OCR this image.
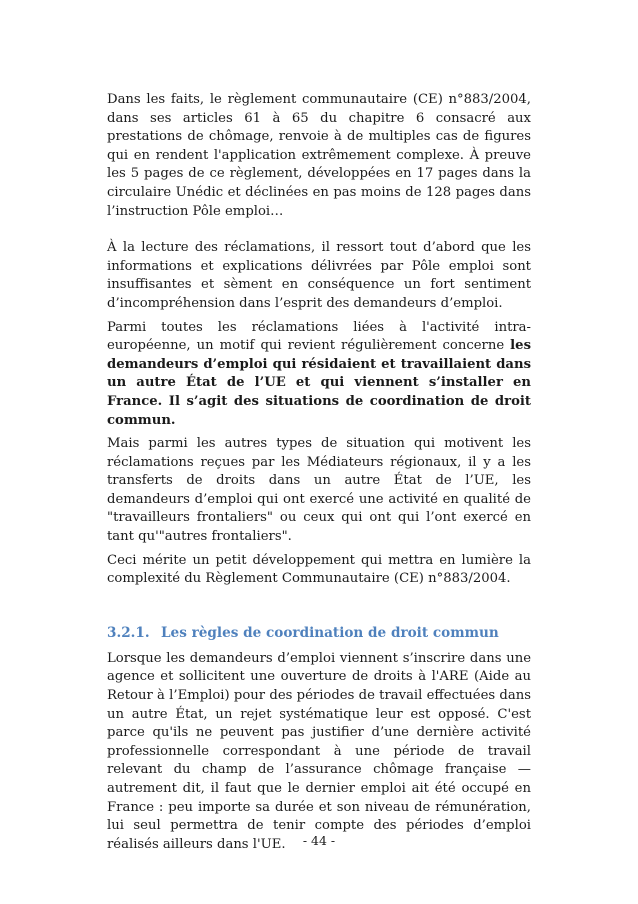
Dans les faits, le règlement communautaire (CE) n°883/2004, dans ses articles 61 à 65 du chapitre 6 consacré aux prestations de chômage, renvoie à de multiples cas de figures qui en rendent l'application extrêmement complexe. À preuve les 5 pages de ce règlement, développées en 17 pages dans la circulaire Unédic et déclinées en pas moins de 128 pages dans l’instruction Pôle emploi…

À la lecture des réclamations, il ressort tout d’abord que les informations et explications délivrées par Pôle emploi sont insuffisantes et sèment en conséquence un fort sentiment d’incompréhension dans l’esprit des demandeurs d’emploi.

Parmi toutes les réclamations liées à l'activité intra-européenne, un motif qui revient régulièrement concerne les demandeurs d’emploi qui résidaient et travaillaient dans un autre État de l’UE et qui viennent s’installer en France. Il s’agit des situations de coordination de droit commun.

Mais parmi les autres types de situation qui motivent les réclamations reçues par les Médiateurs régionaux, il y a les transferts de droits dans un autre État de l’UE, les demandeurs d’emploi qui ont exercé une activité en qualité de "travailleurs frontaliers" ou ceux qui ont qui l’ont exercé en tant qu'"autres frontaliers".

Ceci mérite un petit développement qui mettra en lumière la complexité du Règlement Communautaire (CE) n°883/2004.

3.2.1. Les règles de coordination de droit commun

Lorsque les demandeurs d’emploi viennent s’inscrire dans une agence et sollicitent une ouverture de droits à l'ARE (Aide au Retour à l’Emploi) pour des périodes de travail effectuées dans un autre État, un rejet systématique leur est opposé. C'est parce qu'ils ne peuvent pas justifier d’une dernière activité professionnelle correspondant à une période de travail relevant du champ de l’assurance chômage française — autrement dit, il faut que le dernier emploi ait été occupé en France : peu importe sa durée et son niveau de rémunération, lui seul permettra de tenir compte des périodes d’emploi réalisés ailleurs dans l'UE.	- 44 -
